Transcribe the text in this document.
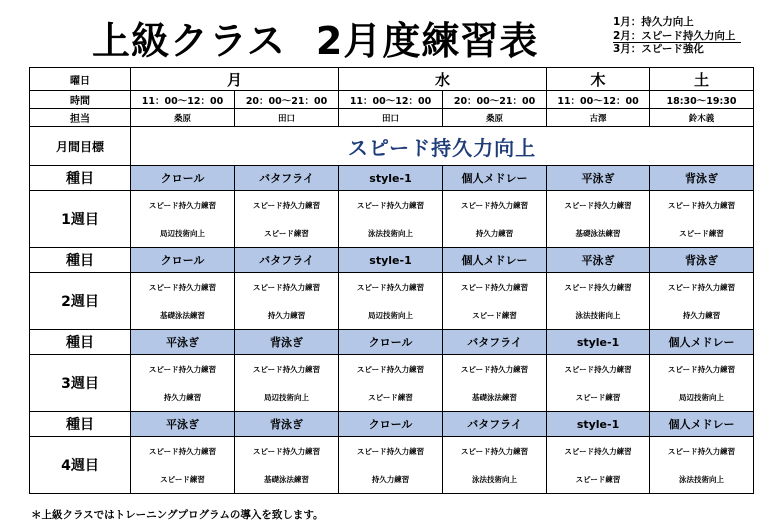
上級クラス 2月度練習表	1月：持久力向上
2月：スピード持久力向上
3月：スピード強化
曜日	月		水		木	土
時間	11：00～12：00	20：00～21：00	11：00～12：00	20：00～21：00	11：00～12：00	18:30～19:30
担当	桑原	田口	田口	桑原	古澤	鈴木義
月間目標	スピード持久力向上					
種目	クロール	バタフライ	style-1	個人メドレー	平泳ぎ	背泳ぎ
1週目	スピード持久力練習	スピード持久力練習	スピード持久力練習	スピード持久力練習	スピード持久力練習	スピード持久力練習
	局辺技術向上	スピード練習	泳法技術向上	持久力練習	基礎泳法練習	スピード練習
種目	クロール	バタフライ	style-1	個人メドレー	平泳ぎ	背泳ぎ
2週目	スピード持久力練習	スピード持久力練習	スピード持久力練習	スピード持久力練習	スピード持久力練習	スピード持久力練習
	基礎泳法練習	持久力練習	局辺技術向上	スピード練習	泳法技術向上	持久力練習
種目	平泳ぎ	背泳ぎ	クロール	バタフライ	style-1	個人メドレー
3週目	スピード持久力練習	スピード持久力練習	スピード持久力練習	スピード持久力練習	スピード持久力練習	スピード持久力練習
	持久力練習	局辺技術向上	スピード練習	基礎泳法練習	スピード練習	局辺技術向上
種目	平泳ぎ	背泳ぎ	クロール	バタフライ	style-1	個人メドレー
4週目	スピード持久力練習	スピード持久力練習	スピード持久力練習	スピード持久力練習	スピード持久力練習	スピード持久力練習
	スピード練習	基礎泳法練習	持久力練習	泳法技術向上	スピード練習	泳法技術向上
＊上級クラスではトレーニングプログラムの導入を致します。
